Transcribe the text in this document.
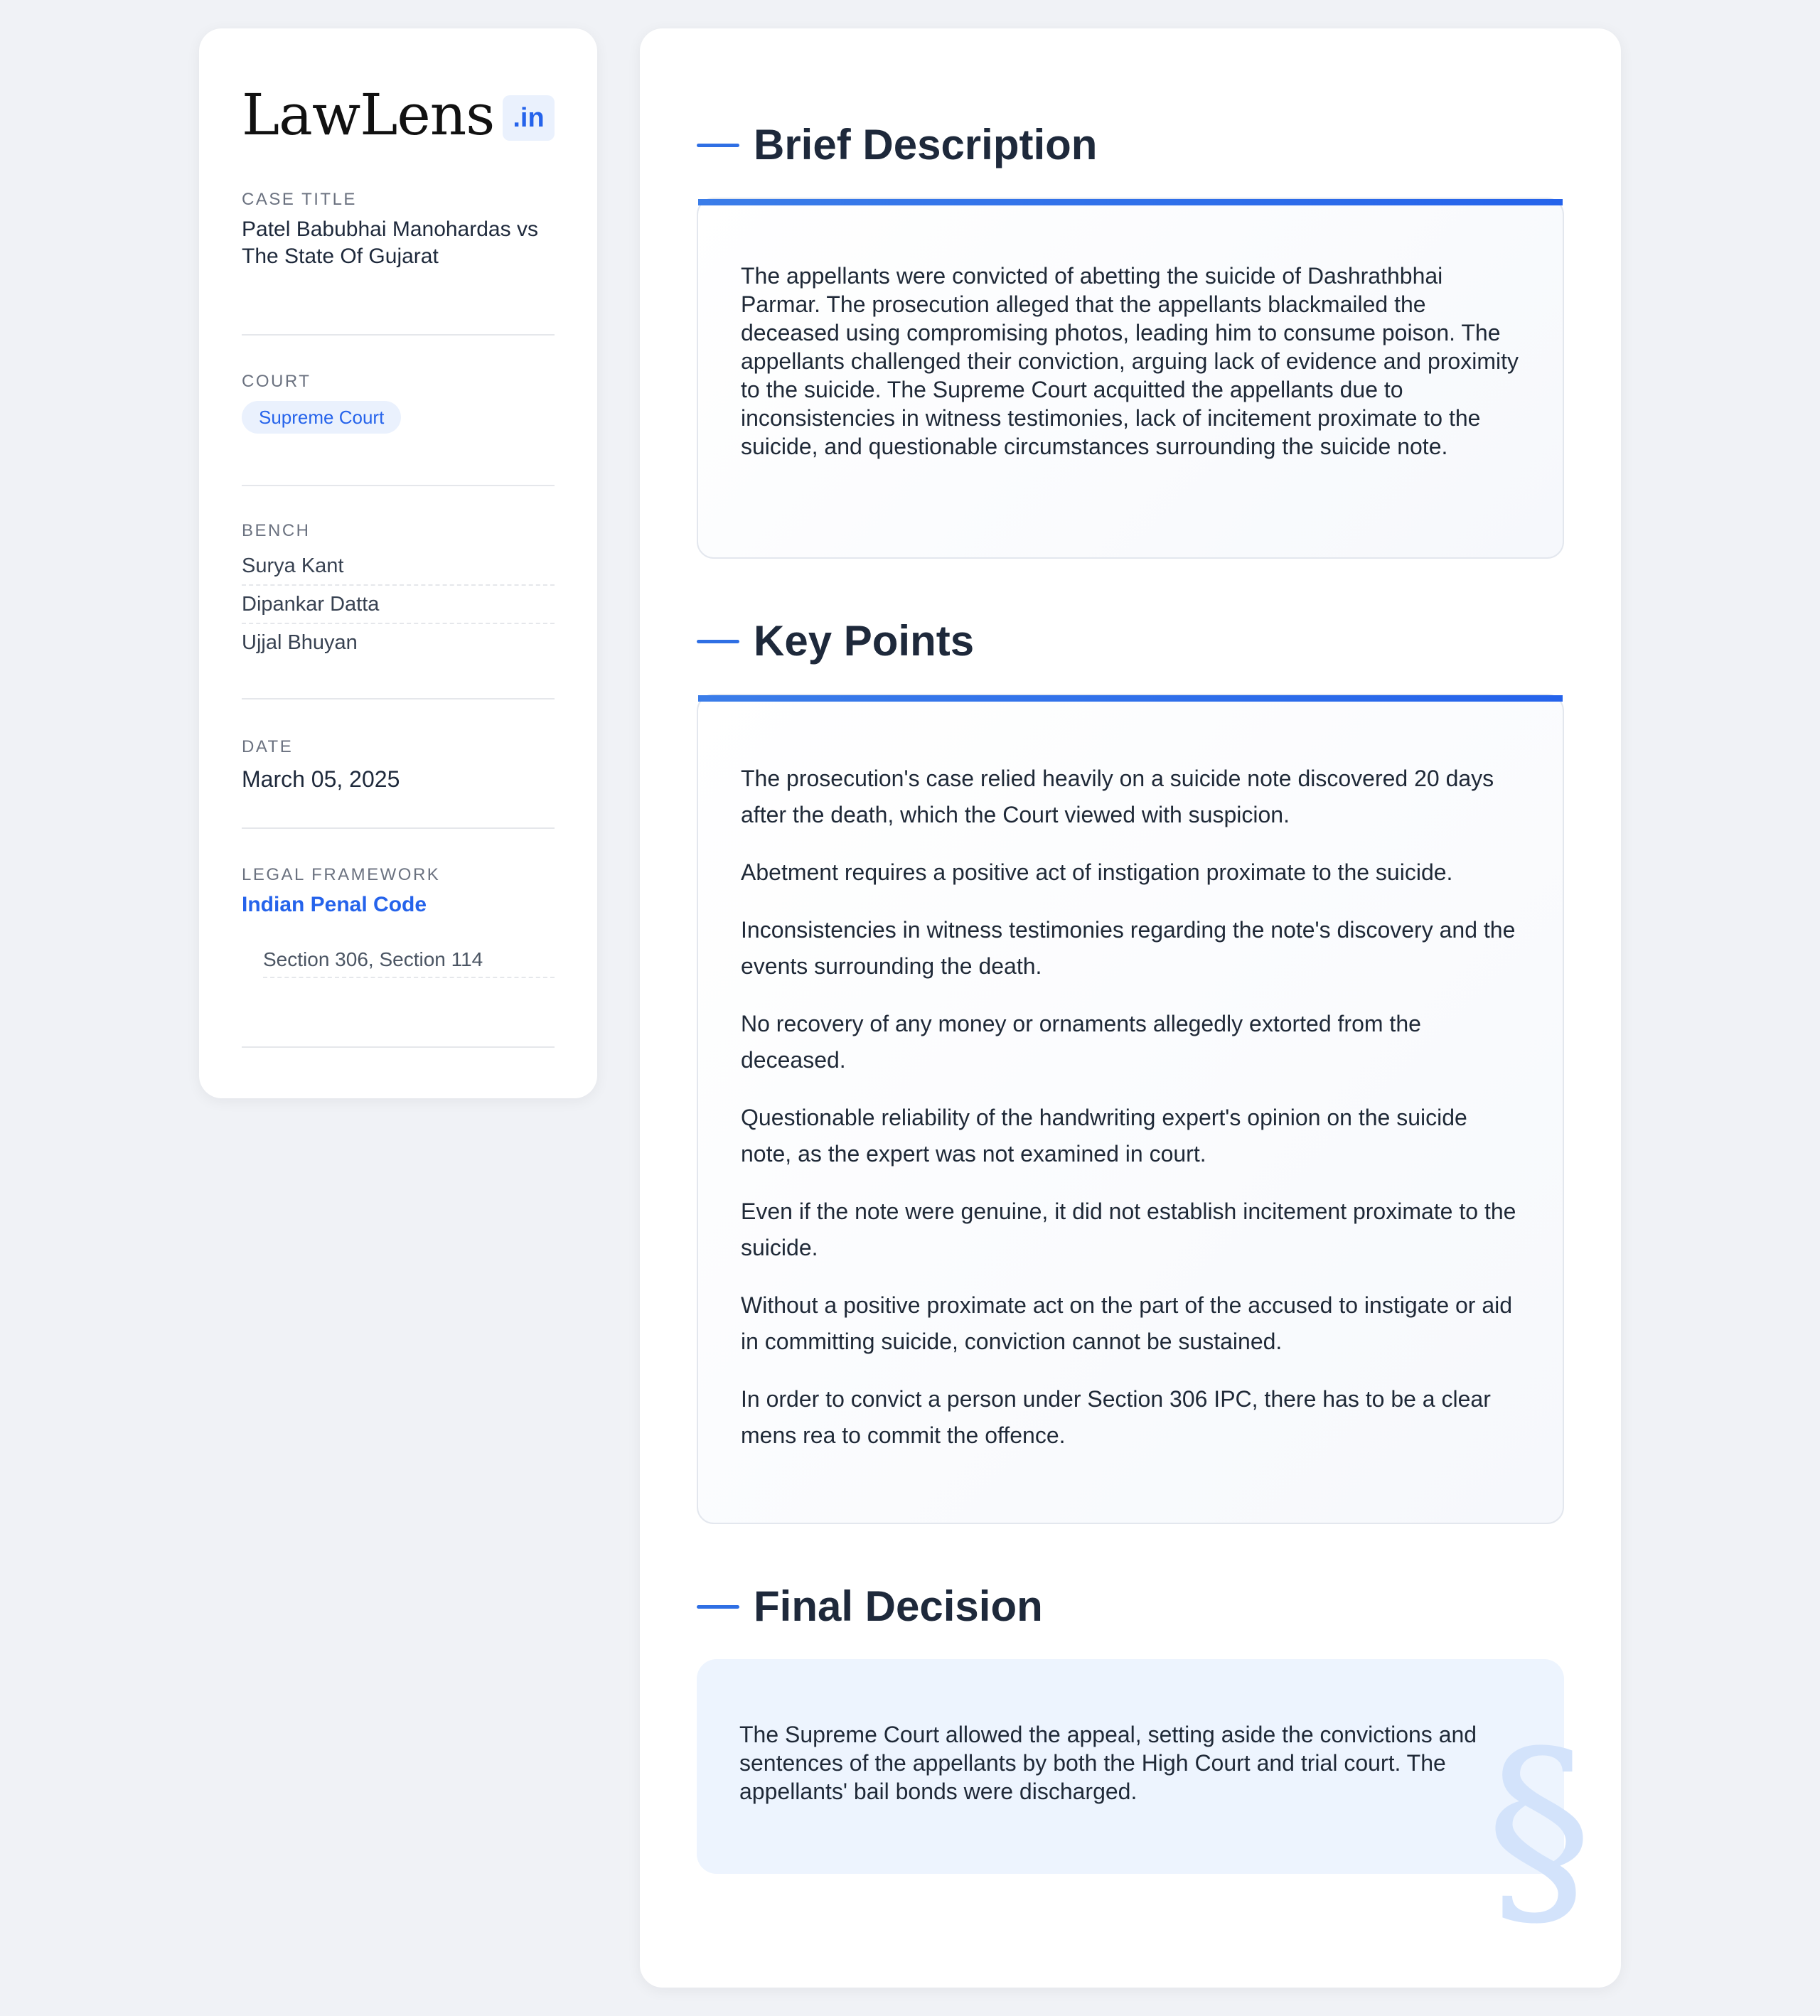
LawLens .in
CASE TITLE
Patel Babubhai Manohardas vs The State Of Gujarat
COURT
Supreme Court
BENCH
Surya Kant
Dipankar Datta
Ujjal Bhuyan
DATE
March 05, 2025
LEGAL FRAMEWORK
Indian Penal Code
Section 306, Section 114
Brief Description

The appellants were convicted of abetting the suicide of Dashrathbhai Parmar. The prosecution alleged that the appellants blackmailed the deceased using compromising photos, leading him to consume poison. The appellants challenged their conviction, arguing lack of evidence and proximity to the suicide. The Supreme Court acquitted the appellants due to inconsistencies in witness testimonies, lack of incitement proximate to the suicide, and questionable circumstances surrounding the suicide note.

Key Points
The prosecution's case relied heavily on a suicide note discovered 20 days after the death, which the Court viewed with suspicion.
Abetment requires a positive act of instigation proximate to the suicide.
Inconsistencies in witness testimonies regarding the note's discovery and the events surrounding the death.
No recovery of any money or ornaments allegedly extorted from the deceased.
Questionable reliability of the handwriting expert's opinion on the suicide note, as the expert was not examined in court.
Even if the note were genuine, it did not establish incitement proximate to the suicide.
Without a positive proximate act on the part of the accused to instigate or aid in committing suicide, conviction cannot be sustained.
In order to convict a person under Section 306 IPC, there has to be a clear mens rea to commit the offence.
Final Decision

The Supreme Court allowed the appeal, setting aside the convictions and sentences of the appellants by both the High Court and trial court. The appellants' bail bonds were discharged.	§
